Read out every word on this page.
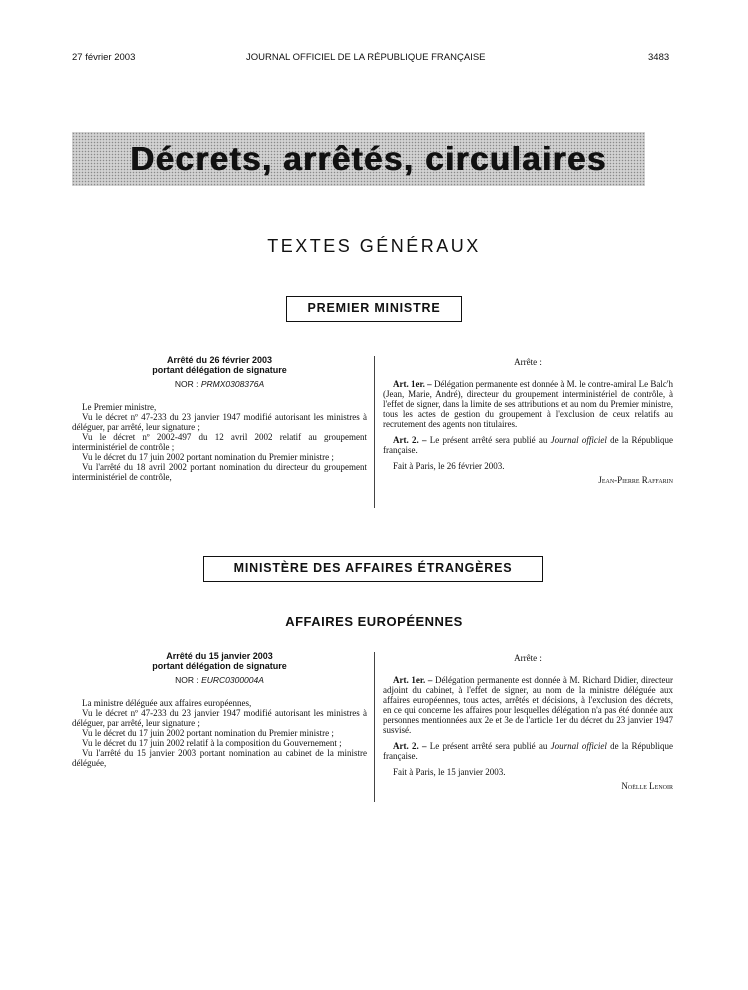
27 février 2003	JOURNAL OFFICIEL DE LA RÉPUBLIQUE FRANÇAISE	3483
Décrets, arrêtés, circulaires
TEXTES GÉNÉRAUX
PREMIER MINISTRE
Arrêté du 26 février 2003
portant délégation de signature
NOR : PRMX0308376A

Le Premier ministre,

Vu le décret nº 47-233 du 23 janvier 1947 modifié autorisant les ministres à déléguer, par arrêté, leur signature ;

Vu le décret nº 2002-497 du 12 avril 2002 relatif au groupement interministériel de contrôle ;

Vu le décret du 17 juin 2002 portant nomination du Premier ministre ;

Vu l'arrêté du 18 avril 2002 portant nomination du directeur du groupement interministériel de contrôle,

Arrête :

Art. 1er. – Délégation permanente est donnée à M. le contre-amiral Le Balc'h (Jean, Marie, André), directeur du groupement interministériel de contrôle, à l'effet de signer, dans la limite de ses attributions et au nom du Premier ministre, tous les actes de gestion du groupement à l'exclusion de ceux relatifs au recrutement des agents non titulaires.

Art. 2. – Le présent arrêté sera publié au Journal officiel de la République française.

Fait à Paris, le 26 février 2003.

Jean-Pierre Raffarin
MINISTÈRE DES AFFAIRES ÉTRANGÈRES
AFFAIRES EUROPÉENNES
Arrêté du 15 janvier 2003
portant délégation de signature
NOR : EURC0300004A

La ministre déléguée aux affaires européennes,

Vu le décret nº 47-233 du 23 janvier 1947 modifié autorisant les ministres à déléguer, par arrêté, leur signature ;

Vu le décret du 17 juin 2002 portant nomination du Premier ministre ;

Vu le décret du 17 juin 2002 relatif à la composition du Gouvernement ;

Vu l'arrêté du 15 janvier 2003 portant nomination au cabinet de la ministre déléguée,

Arrête :

Art. 1er. – Délégation permanente est donnée à M. Richard Didier, directeur adjoint du cabinet, à l'effet de signer, au nom de la ministre déléguée aux affaires européennes, tous actes, arrêtés et décisions, à l'exclusion des décrets, en ce qui concerne les affaires pour lesquelles délégation n'a pas été donnée aux personnes mentionnées aux 2e et 3e de l'article 1er du décret du 23 janvier 1947 susvisé.

Art. 2. – Le présent arrêté sera publié au Journal officiel de la République française.

Fait à Paris, le 15 janvier 2003.

Noëlle Lenoir
